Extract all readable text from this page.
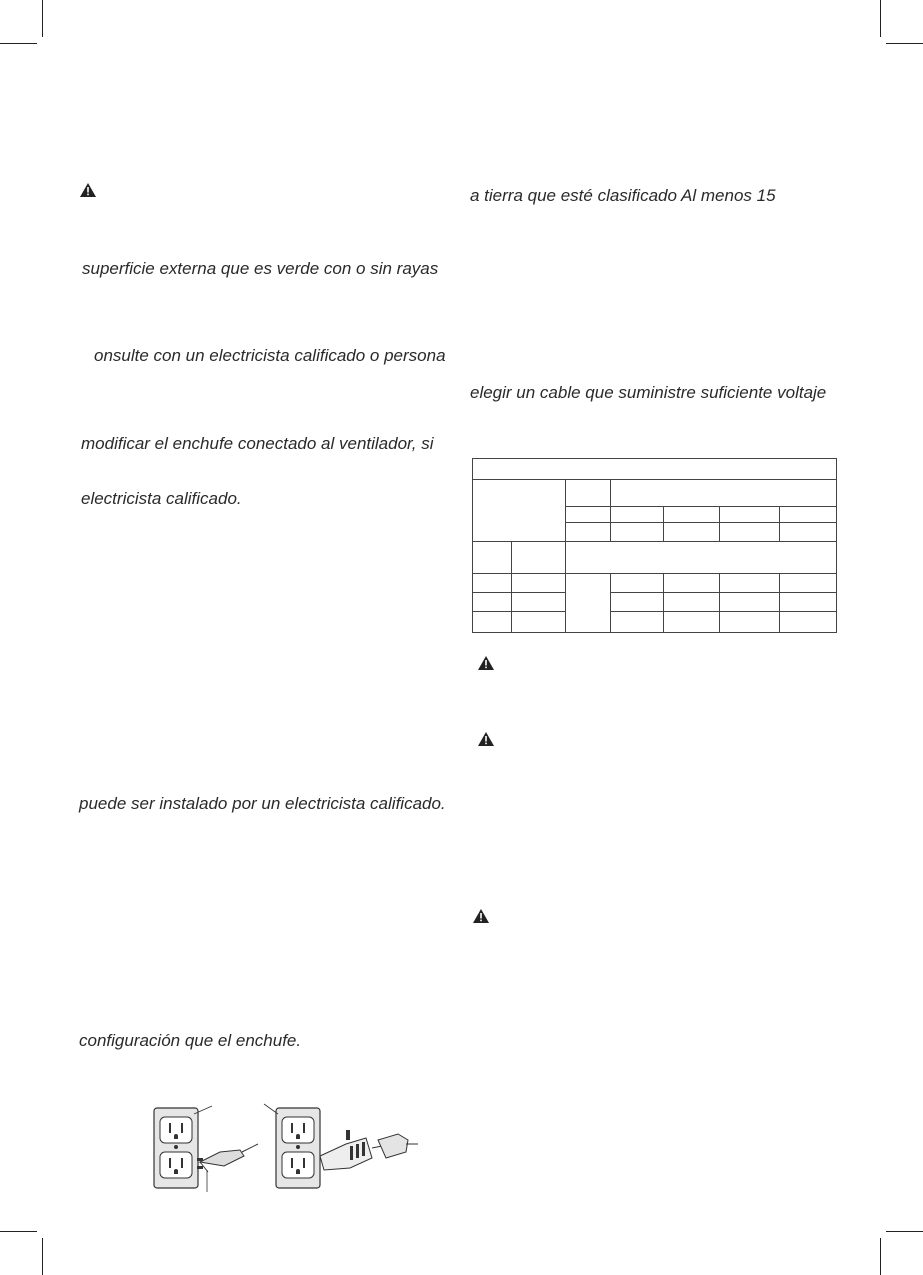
superficie externa que es verde con o sin rayas
onsulte con un electricista calificado o persona
modificar el enchufe conectado al ventilador, si
electricista calificado.
puede ser instalado por un electricista calificado.
configuración que el enchufe.
a tierra que esté clasificado Al menos 15
elegir un cable que suministre suficiente voltaje
